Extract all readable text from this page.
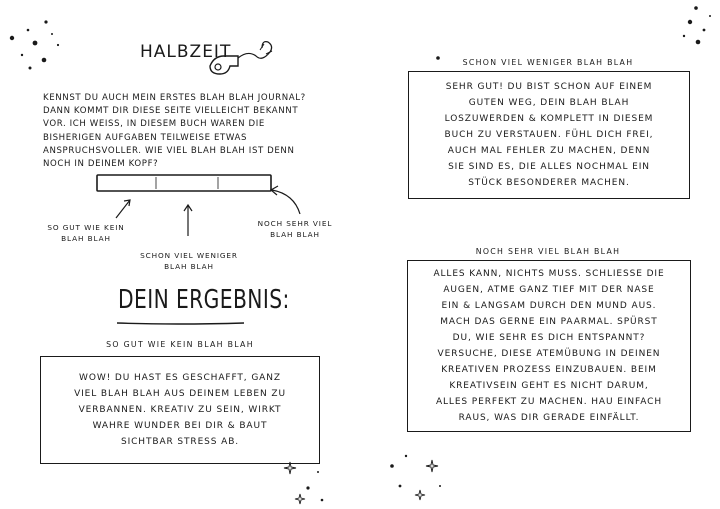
HALBZEIT
KENNST DU AUCH MEIN ERSTES BLAH BLAH JOURNAL?
DANN KOMMT DIR DIESE SEITE VIELLEICHT BEKANNT
VOR. ICH WEISS, IN DIESEM BUCH WAREN DIE
BISHERIGEN AUFGABEN TEILWEISE ETWAS
ANSPRUCHSVOLLER. WIE VIEL BLAH BLAH IST DENN
NOCH IN DEINEM KOPF?
SO GUT WIE KEIN
BLAH BLAH
SCHON VIEL WENIGER
BLAH BLAH
NOCH SEHR VIEL
BLAH BLAH
DEIN ERGEBNIS:
SO GUT WIE KEIN BLAH BLAH
WOW! DU HAST ES GESCHAFFT, GANZ
VIEL BLAH BLAH AUS DEINEM LEBEN ZU
VERBANNEN. KREATIV ZU SEIN, WIRKT
WAHRE WUNDER BEI DIR & BAUT
SICHTBAR STRESS AB.
SCHON VIEL WENIGER BLAH BLAH
SEHR GUT! DU BIST SCHON AUF EINEM
GUTEN WEG, DEIN BLAH BLAH
LOSZUWERDEN & KOMPLETT IN DIESEM
BUCH ZU VERSTAUEN. FÜHL DICH FREI,
AUCH MAL FEHLER ZU MACHEN, DENN
SIE SIND ES, DIE ALLES NOCHMAL EIN
STÜCK BESONDERER MACHEN.
NOCH SEHR VIEL BLAH BLAH
ALLES KANN, NICHTS MUSS. SCHLIESSE DIE
AUGEN, ATME GANZ TIEF MIT DER NASE
EIN & LANGSAM DURCH DEN MUND AUS.
MACH DAS GERNE EIN PAARMAL. SPÜRST
DU, WIE SEHR ES DICH ENTSPANNT?
VERSUCHE, DIESE ATEMÜBUNG IN DEINEN
KREATIVEN PROZESS EINZUBAUEN. BEIM
KREATIVSEIN GEHT ES NICHT DARUM,
ALLES PERFEKT ZU MACHEN. HAU EINFACH
RAUS, WAS DIR GERADE EINFÄLLT.
